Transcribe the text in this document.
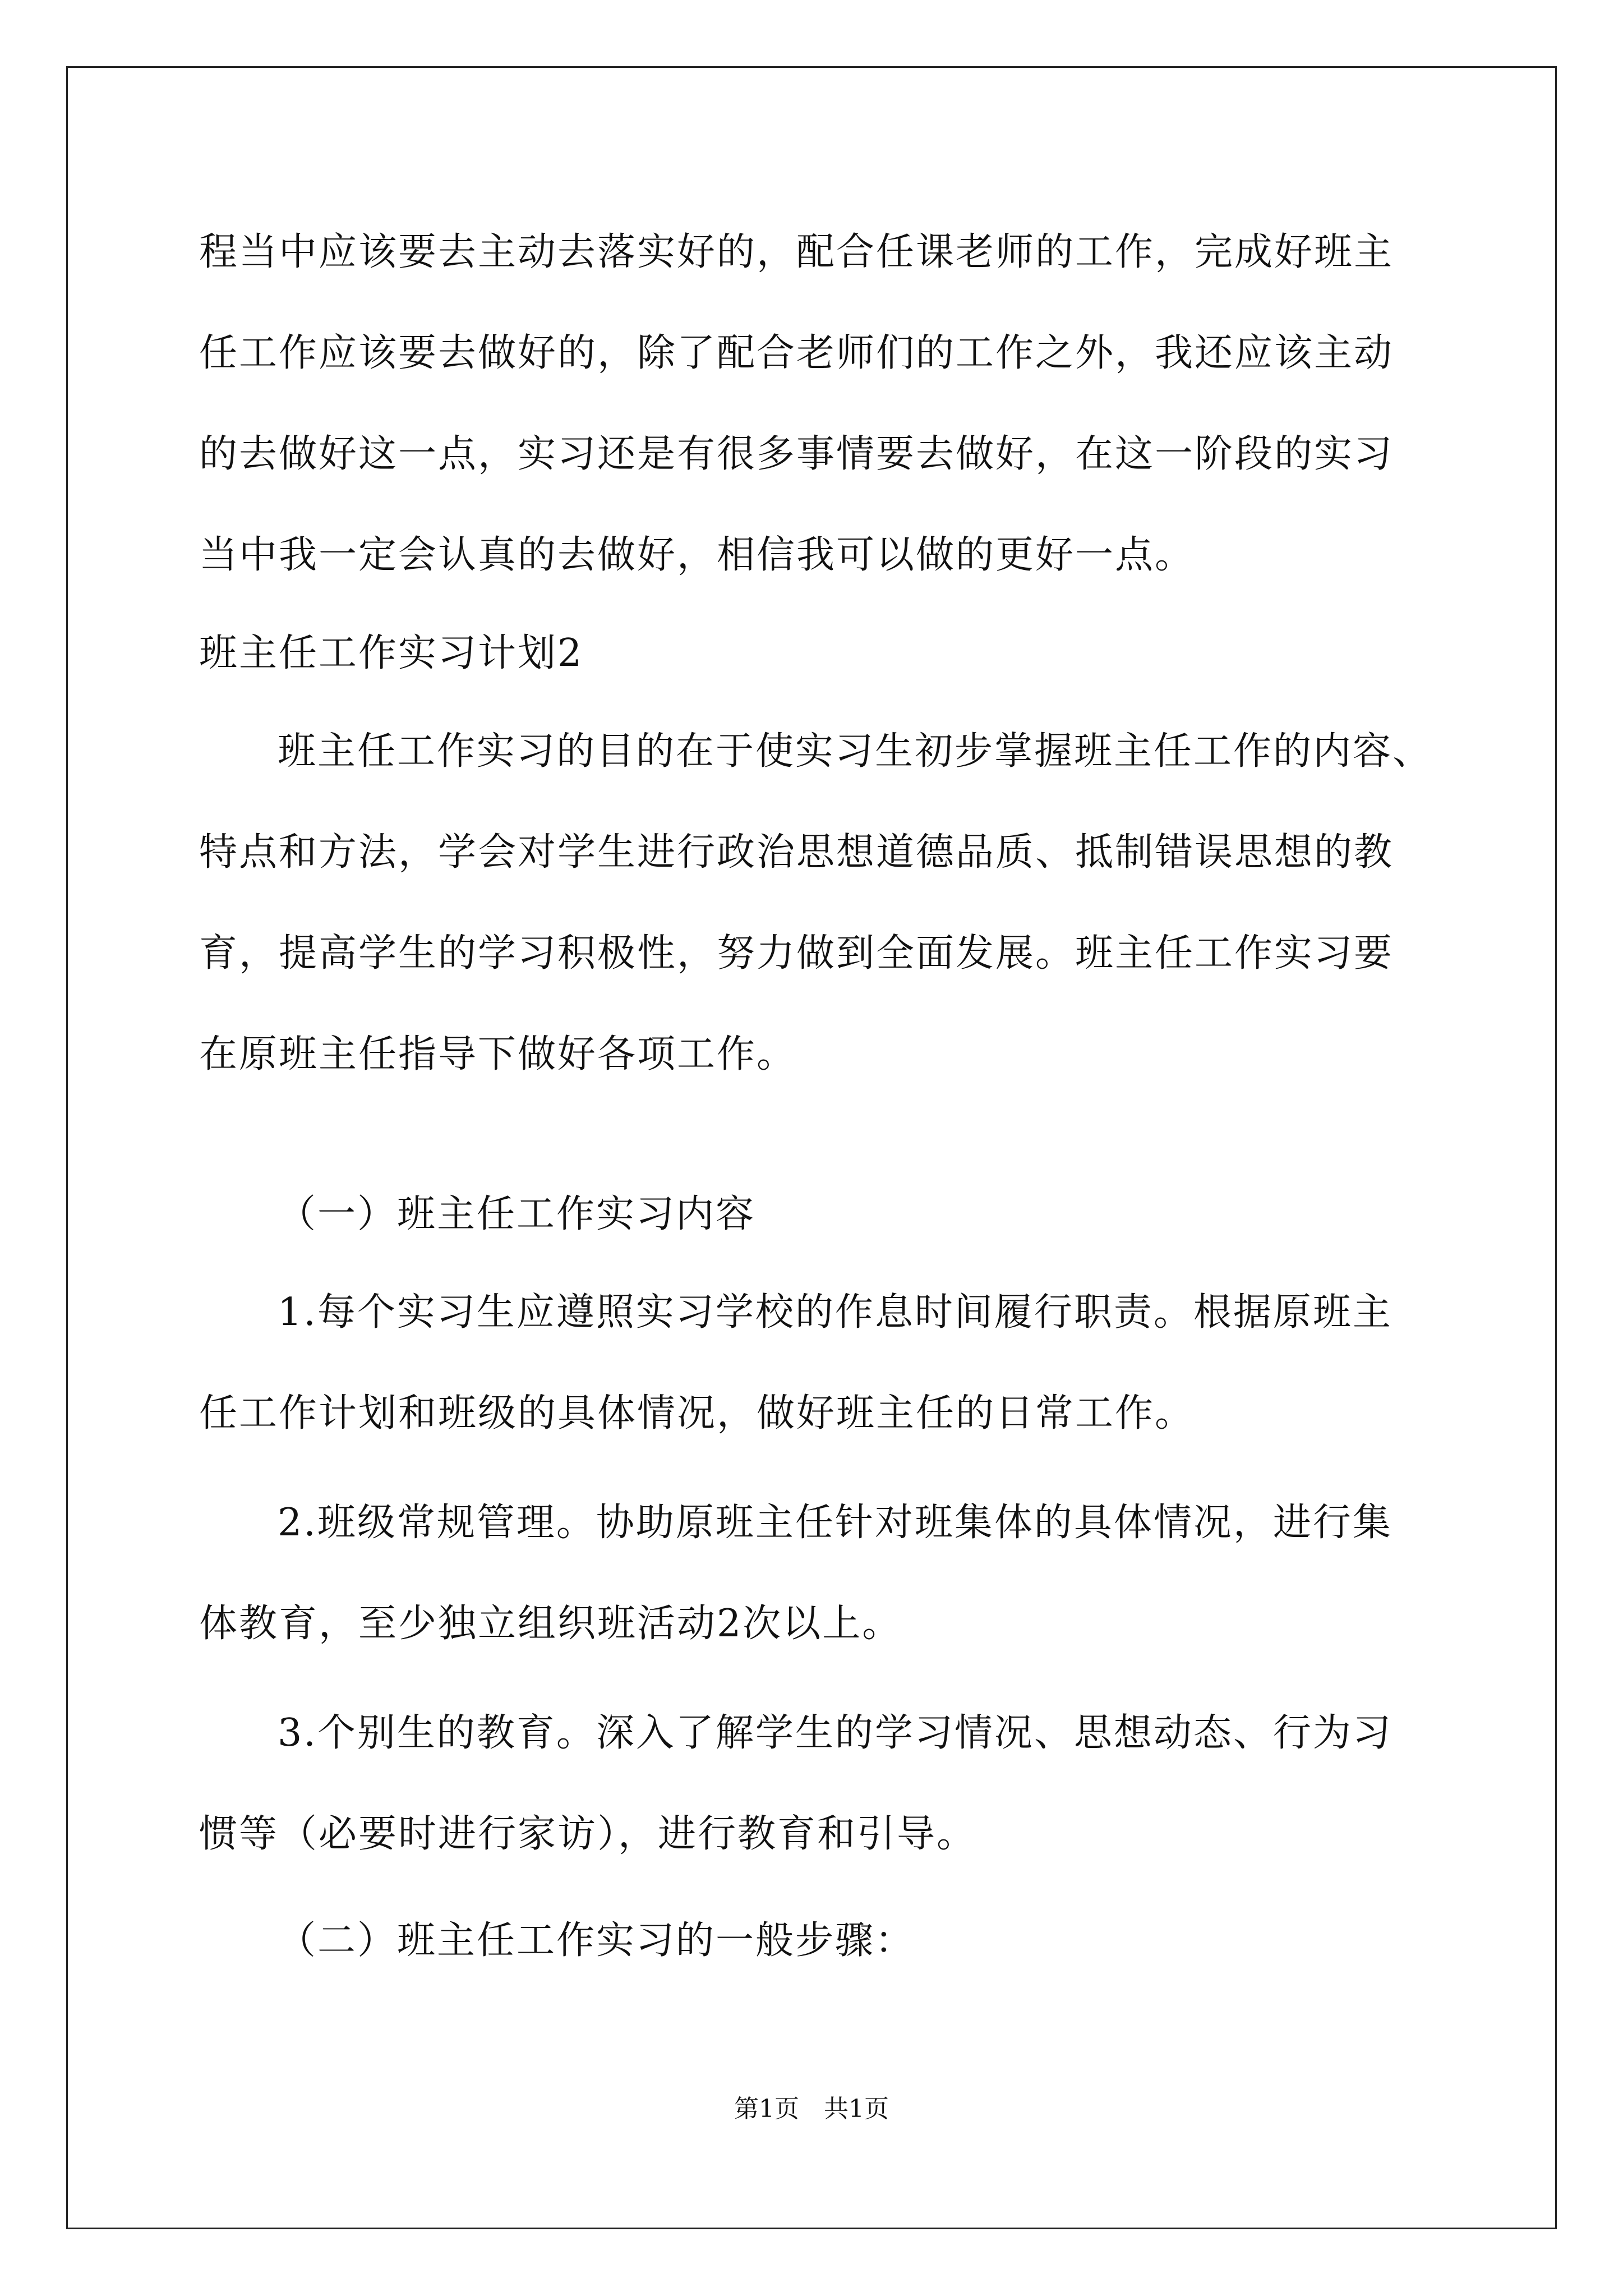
程当中应该要去主动去落实好的，配合任课老师的工作，完成好班主
任工作应该要去做好的，除了配合老师们的工作之外，我还应该主动
的去做好这一点，实习还是有很多事情要去做好，在这一阶段的实习
当中我一定会认真的去做好，相信我可以做的更好一点。
班主任工作实习计划2
班主任工作实习的目的在于使实习生初步掌握班主任工作的内容、
特点和方法，学会对学生进行政治思想道德品质、抵制错误思想的教
育，提高学生的学习积极性，努力做到全面发展。班主任工作实习要
在原班主任指导下做好各项工作。
（一）班主任工作实习内容
1.每个实习生应遵照实习学校的作息时间履行职责。根据原班主
任工作计划和班级的具体情况，做好班主任的日常工作。
2.班级常规管理。协助原班主任针对班集体的具体情况，进行集
体教育，至少独立组织班活动2次以上。
3.个别生的教育。深入了解学生的学习情况、思想动态、行为习
惯等（必要时进行家访），进行教育和引导。
（二）班主任工作实习的一般步骤：
第1页　共1页
